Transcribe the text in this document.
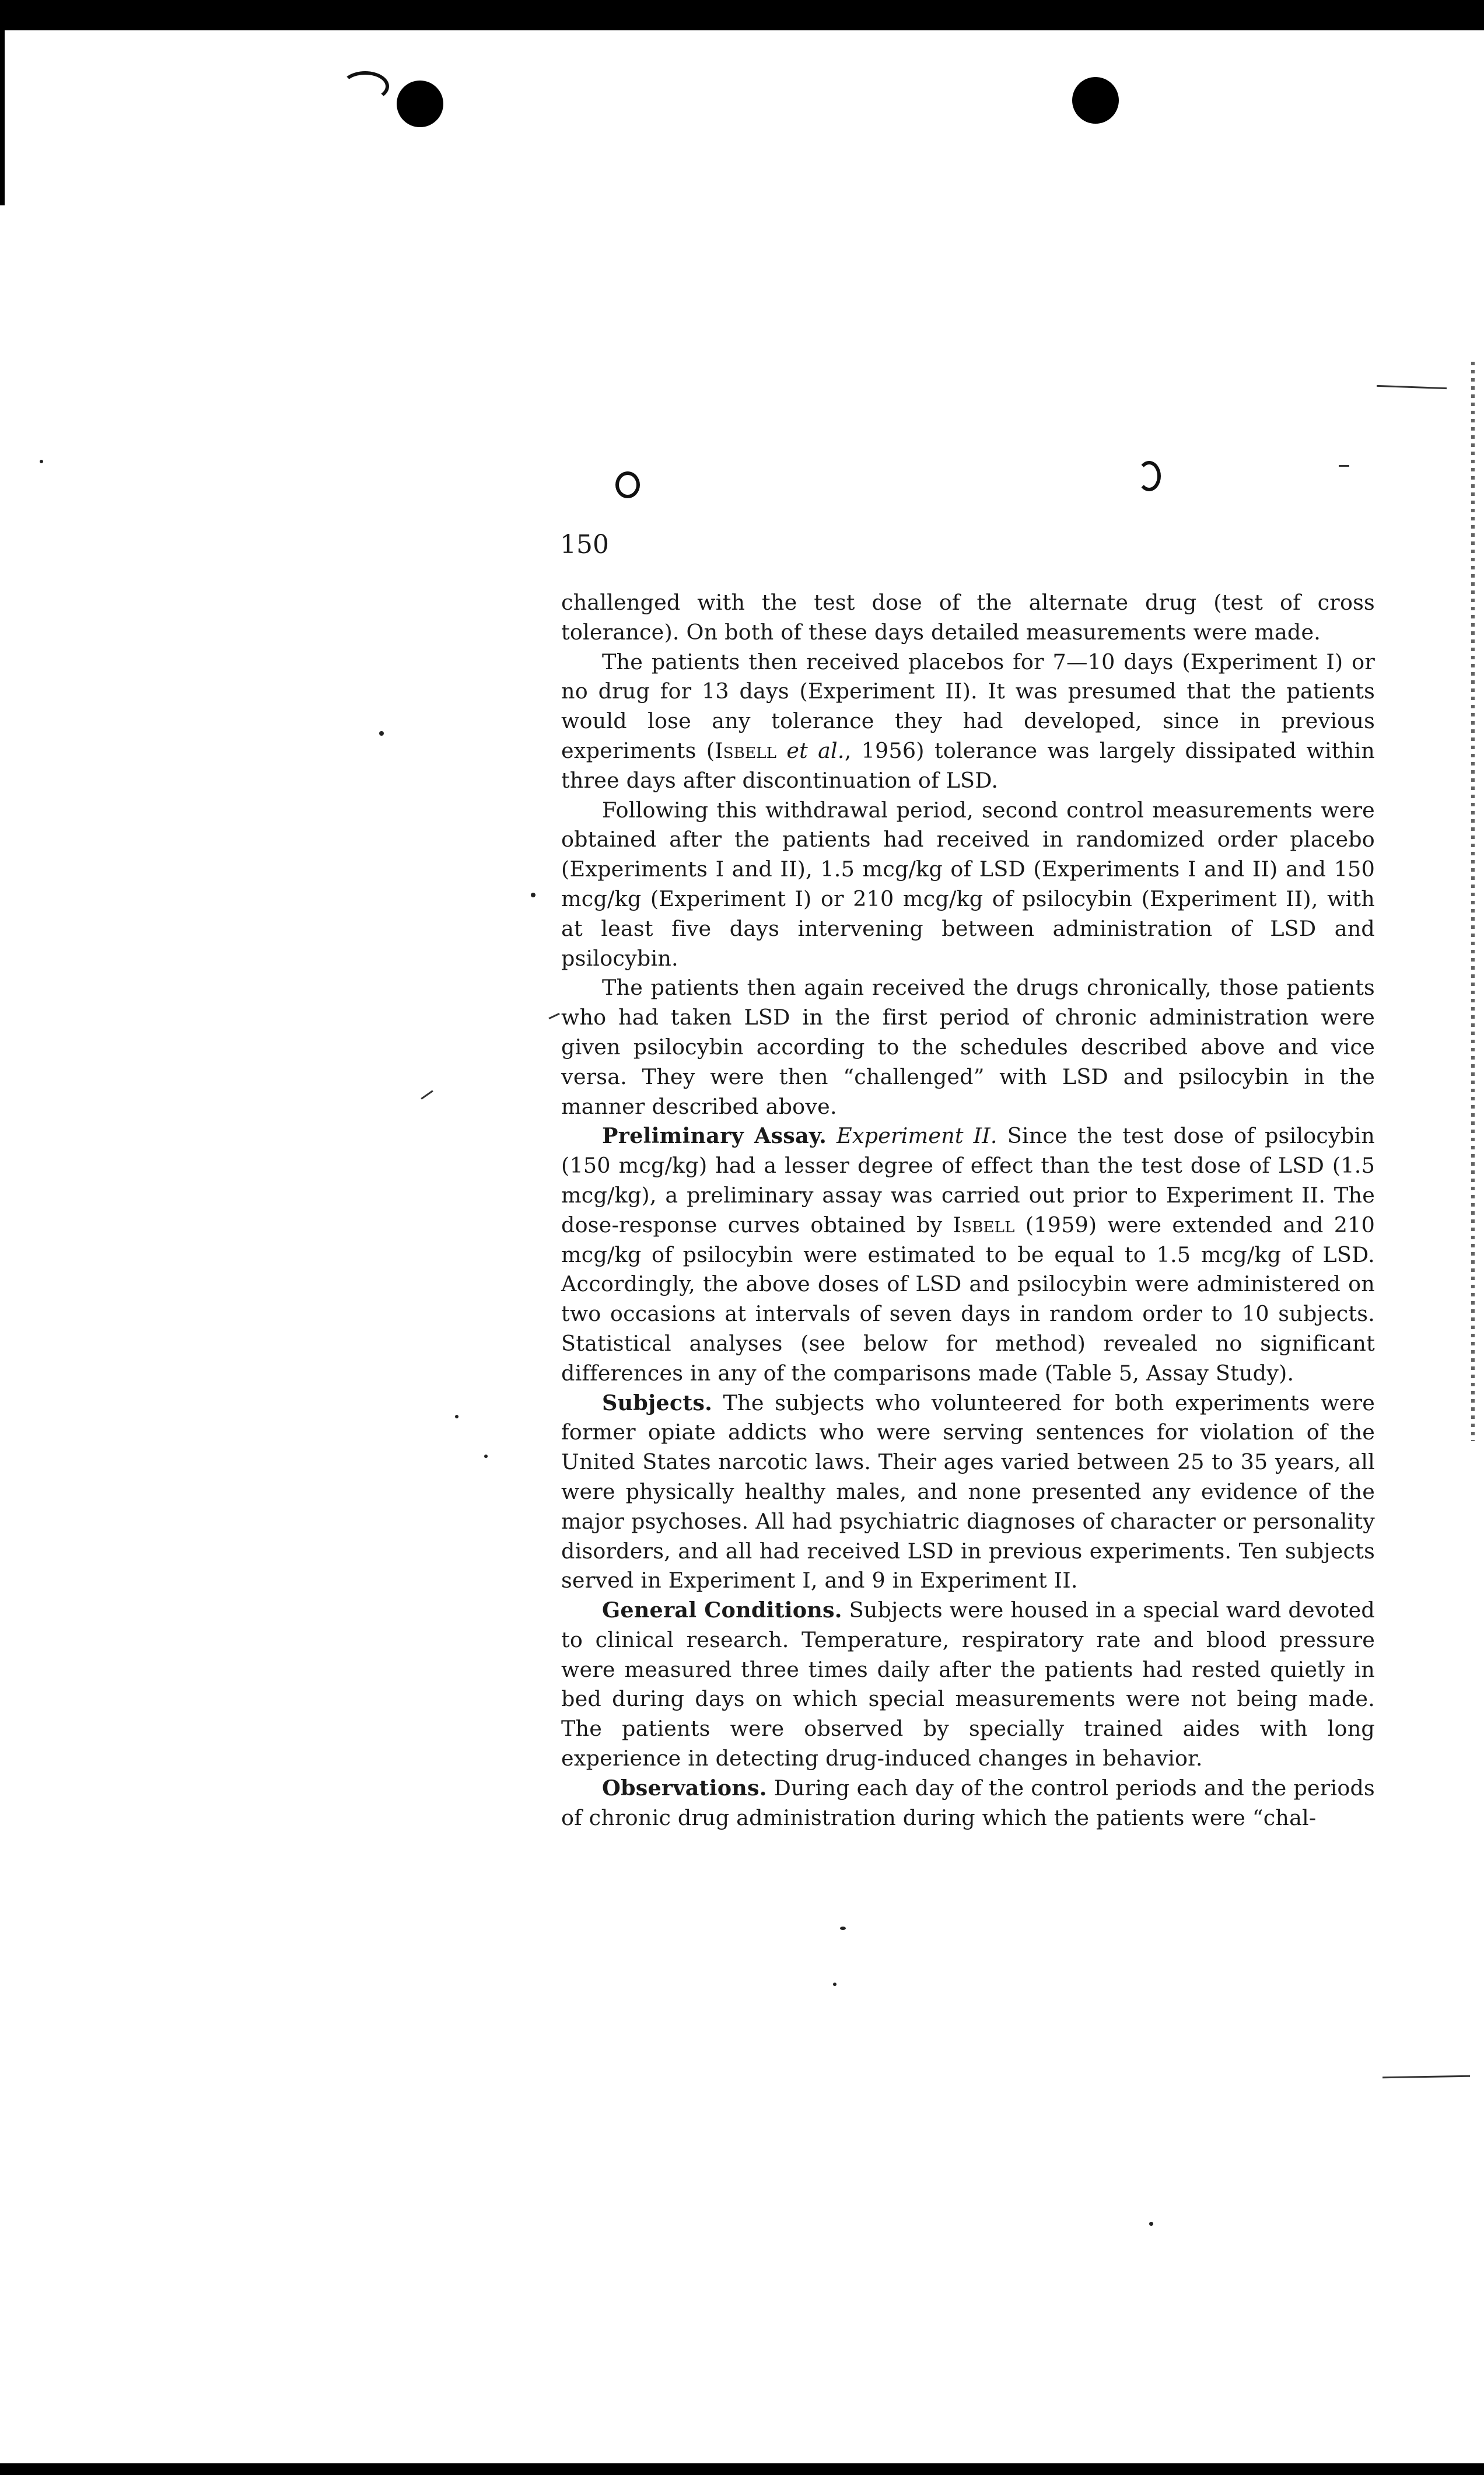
150

challenged with the test dose of the alternate drug (test of cross tolerance). On both of these days detailed measurements were made.

The patients then received placebos for 7—10 days (Experiment I) or no drug for 13 days (Experiment II). It was presumed that the patients would lose any tolerance they had developed, since in previous experiments (Isbell et al., 1956) tolerance was largely dissipated within three days after discontinuation of LSD.

Following this withdrawal period, second control measurements were obtained after the patients had received in randomized order placebo (Experiments I and II), 1.5 mcg/kg of LSD (Experiments I and II) and 150 mcg/kg (Experiment I) or 210 mcg/kg of psilocybin (Experiment II), with at least five days intervening between administration of LSD and psilocybin.

The patients then again received the drugs chronically, those patients who had taken LSD in the first period of chronic administration were given psilocybin according to the schedules described above and vice versa. They were then “challenged” with LSD and psilocybin in the manner described above.

Preliminary Assay. Experiment II. Since the test dose of psilocybin (150 mcg/kg) had a lesser degree of effect than the test dose of LSD (1.5 mcg/kg), a preliminary assay was carried out prior to Experiment II. The dose-response curves obtained by Isbell (1959) were extended and 210 mcg/kg of psilocybin were estimated to be equal to 1.5 mcg/kg of LSD. Accordingly, the above doses of LSD and psilocybin were administered on two occasions at intervals of seven days in random order to 10 subjects. Statistical analyses (see below for method) revealed no significant differences in any of the comparisons made (Table 5, Assay Study).

Subjects. The subjects who volunteered for both experiments were former opiate addicts who were serving sentences for violation of the United States narcotic laws. Their ages varied between 25 to 35 years, all were physically healthy males, and none presented any evidence of the major psychoses. All had psychiatric diagnoses of character or personality disorders, and all had received LSD in previous experiments. Ten subjects served in Experiment I, and 9 in Experiment II.

General Conditions. Subjects were housed in a special ward devoted to clinical research. Temperature, respiratory rate and blood pressure were measured three times daily after the patients had rested quietly in bed during days on which special measurements were not being made. The patients were observed by specially trained aides with long experience in detecting drug-induced changes in behavior.

Observations. During each day of the control periods and the periods of chronic drug administration during which the patients were “chal-
